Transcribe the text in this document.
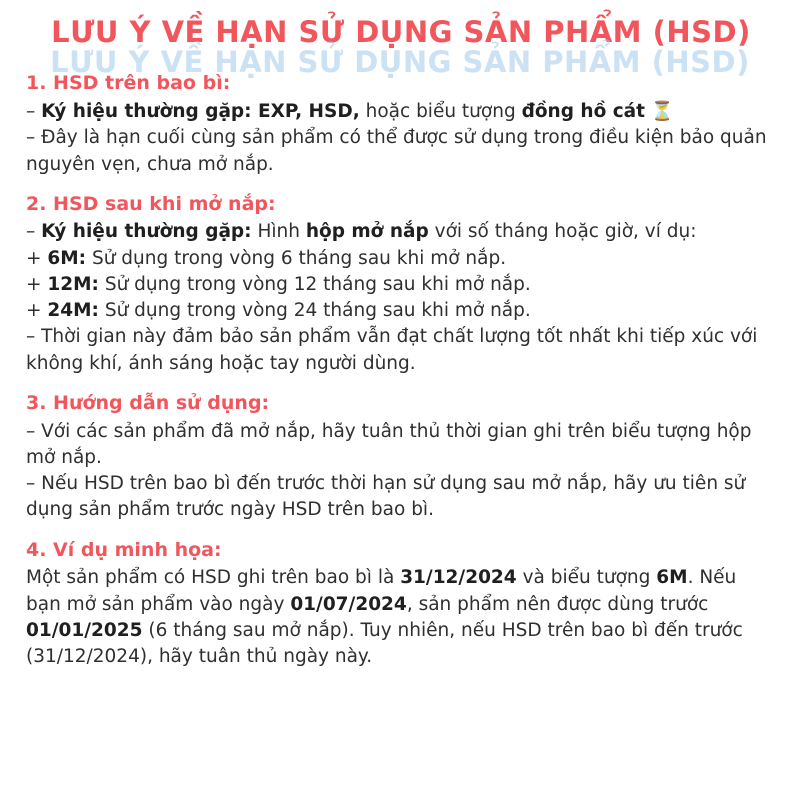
LƯU Ý VỀ HẠN SỬ DỤNG SẢN PHẨM (HSD)
LƯU Ý VỀ HẠN SỬ DỤNG SẢN PHẨM (HSD)
1. HSD trên bao bì:

– Ký hiệu thường gặp: EXP, HSD, hoặc biểu tượng đồng hồ cát ⏳

– Đây là hạn cuối cùng sản phẩm có thể được sử dụng trong điều kiện bảo quản nguyên vẹn, chưa mở nắp.

2. HSD sau khi mở nắp:

– Ký hiệu thường gặp: Hình hộp mở nắp với số tháng hoặc giờ, ví dụ:

+ 6M: Sử dụng trong vòng 6 tháng sau khi mở nắp.

+ 12M: Sử dụng trong vòng 12 tháng sau khi mở nắp.

+ 24M: Sử dụng trong vòng 24 tháng sau khi mở nắp.

– Thời gian này đảm bảo sản phẩm vẫn đạt chất lượng tốt nhất khi tiếp xúc với không khí, ánh sáng hoặc tay người dùng.

3. Hướng dẫn sử dụng:

– Với các sản phẩm đã mở nắp, hãy tuân thủ thời gian ghi trên biểu tượng hộp mở nắp.

– Nếu HSD trên bao bì đến trước thời hạn sử dụng sau mở nắp, hãy ưu tiên sử dụng sản phẩm trước ngày HSD trên bao bì.

4. Ví dụ minh họa:

Một sản phẩm có HSD ghi trên bao bì là 31/12/2024 và biểu tượng 6M. Nếu bạn mở sản phẩm vào ngày 01/07/2024, sản phẩm nên được dùng trước 01/01/2025 (6 tháng sau mở nắp). Tuy nhiên, nếu HSD trên bao bì đến trước (31/12/2024), hãy tuân thủ ngày này.
